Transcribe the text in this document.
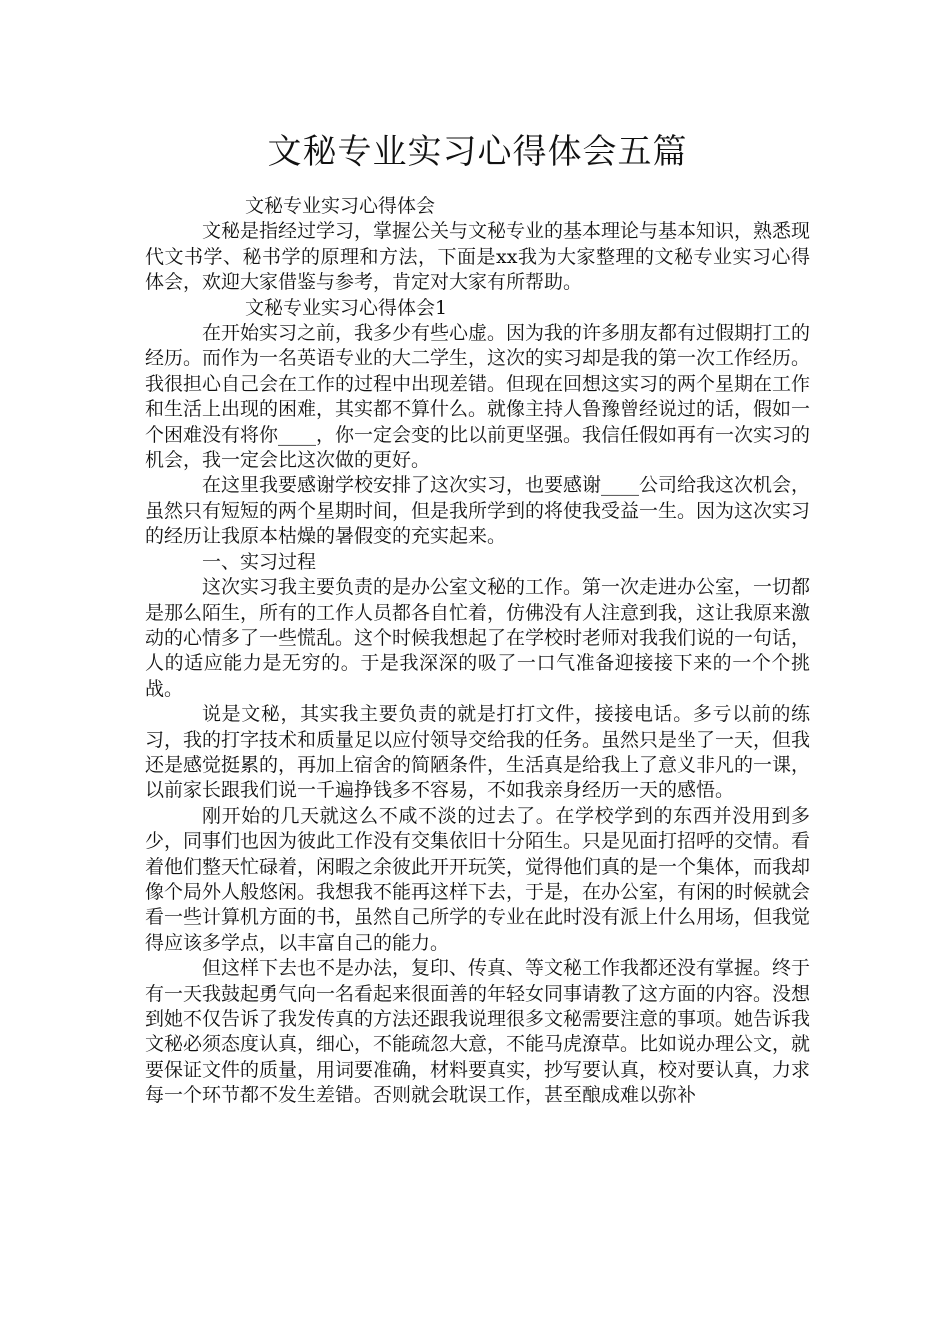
文秘专业实习心得体会五篇

文秘专业实习心得体会

文秘是指经过学习，掌握公关与文秘专业的基本理论与基本知识，熟悉现代文书学、秘书学的原理和方法，下面是xx我为大家整理的文秘专业实习心得体会，欢迎大家借鉴与参考，肯定对大家有所帮助。

文秘专业实习心得体会1

在开始实习之前，我多少有些心虚。因为我的许多朋友都有过假期打工的经历。而作为一名英语专业的大二学生，这次的实习却是我的第一次工作经历。我很担心自己会在工作的过程中出现差错。但现在回想这实习的两个星期在工作和生活上出现的困难，其实都不算什么。就像主持人鲁豫曾经说过的话，假如一个困难没有将你____，你一定会变的比以前更坚强。我信任假如再有一次实习的机会，我一定会比这次做的更好。

在这里我要感谢学校安排了这次实习，也要感谢____公司给我这次机会，虽然只有短短的两个星期时间，但是我所学到的将使我受益一生。因为这次实习的经历让我原本枯燥的暑假变的充实起来。

一、实习过程

这次实习我主要负责的是办公室文秘的工作。第一次走进办公室，一切都是那么陌生，所有的工作人员都各自忙着，仿佛没有人注意到我，这让我原来激动的心情多了一些慌乱。这个时候我想起了在学校时老师对我我们说的一句话，人的适应能力是无穷的。于是我深深的吸了一口气准备迎接接下来的一个个挑战。

说是文秘，其实我主要负责的就是打打文件，接接电话。多亏以前的练习，我的打字技术和质量足以应付领导交给我的任务。虽然只是坐了一天，但我还是感觉挺累的，再加上宿舍的简陋条件，生活真是给我上了意义非凡的一课，以前家长跟我们说一千遍挣钱多不容易，不如我亲身经历一天的感悟。

刚开始的几天就这么不咸不淡的过去了。在学校学到的东西并没用到多少，同事们也因为彼此工作没有交集依旧十分陌生。只是见面打招呼的交情。看着他们整天忙碌着，闲暇之余彼此开开玩笑，觉得他们真的是一个集体，而我却像个局外人般悠闲。我想我不能再这样下去，于是，在办公室，有闲的时候就会看一些计算机方面的书，虽然自己所学的专业在此时没有派上什么用场，但我觉得应该多学点，以丰富自己的能力。

但这样下去也不是办法，复印、传真、等文秘工作我都还没有掌握。终于有一天我鼓起勇气向一名看起来很面善的年轻女同事请教了这方面的内容。没想到她不仅告诉了我发传真的方法还跟我说理很多文秘需要注意的事项。她告诉我文秘必须态度认真，细心，不能疏忽大意，不能马虎潦草。比如说办理公文，就要保证文件的质量，用词要准确，材料要真实，抄写要认真，校对要认真，力求每一个环节都不发生差错。否则就会耽误工作，甚至酿成难以弥补
